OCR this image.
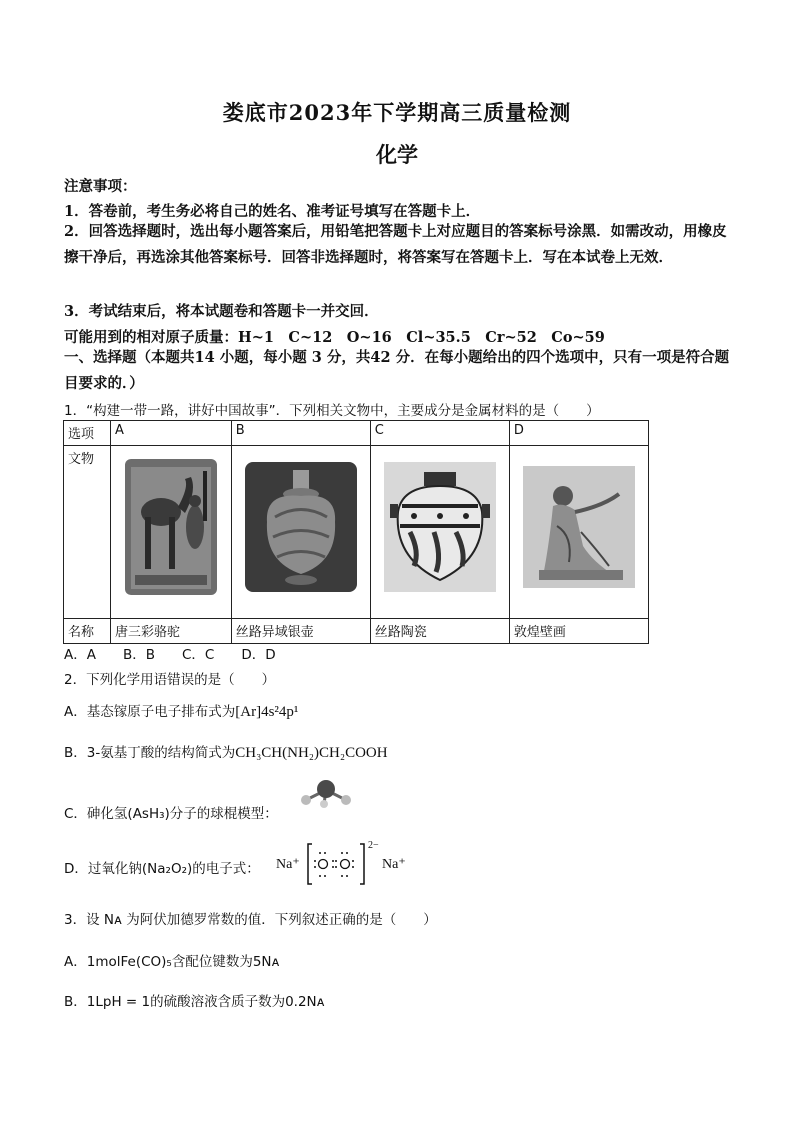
娄底市2023年下学期高三质量检测
化学
注意事项：
1．答卷前，考生务必将自己的姓名、准考证号填写在答题卡上．
2．回答选择题时，选出每小题答案后，用铅笔把答题卡上对应题目的答案标号涂黑．如需改动，用橡皮擦干净后，再选涂其他答案标号．回答非选择题时，将答案写在答题卡上．写在本试卷上无效．
3．考试结束后，将本试题卷和答题卡一并交回．
可能用到的相对原子质量：H~1　C~12　O~16　Cl~35.5　Cr~52　Co~59
一、选择题（本题共14 小题，每小题 3 分，共42 分．在每小题给出的四个选项中，只有一项是符合题目要求的．）
1．“构建一带一路，讲好中国故事”．下列相关文物中，主要成分是金属材料的是（　　）
选项	A	B	C	D
文物	

名称	唐三彩骆驼	丝路异域银壶	丝路陶瓷	敦煌壁画
A．A　　B．B　　C．C　　D．D
2．下列化学用语错误的是（　　）
A．基态镓原子电子排布式为[Ar]4s²4p¹
B．3-氨基丁酸的结构简式为CH₃CH(NH₂)CH₂COOH
C．砷化氢(AsH₃)分子的球棍模型：
D．过氧化钠(Na₂O₂)的电子式： Na⁺
2−
Na⁺
3．设 Nᴀ 为阿伏加德罗常数的值．下列叙述正确的是（　　）
A．1molFe(CO)₅含配位键数为5Nᴀ
B．1LpH = 1的硫酸溶液含质子数为0.2Nᴀ
